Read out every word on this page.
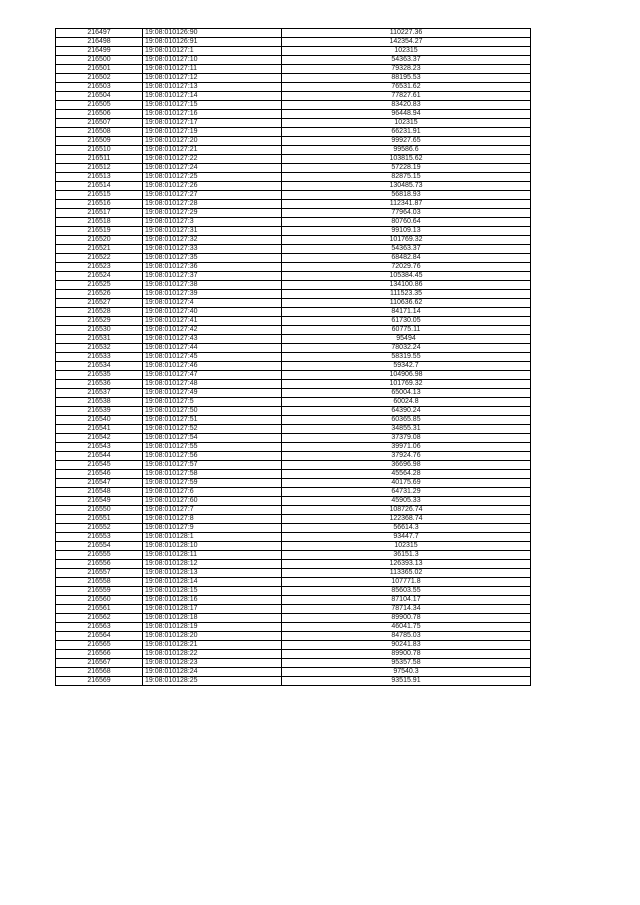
216497	19:08:010126:90	110227.36
216498	19:08:010126:91	142354.27
216499	19:08:010127:1	102315
216500	19:08:010127:10	54363.37
216501	19:08:010127:11	79328.23
216502	19:08:010127:12	88195.53
216503	19:08:010127:13	76531.62
216504	19:08:010127:14	77827.61
216505	19:08:010127:15	83420.83
216506	19:08:010127:16	96448.94
216507	19:08:010127:17	102315
216508	19:08:010127:19	66231.91
216509	19:08:010127:20	99927.65
216510	19:08:010127:21	99586.6
216511	19:08:010127:22	103815.62
216512	19:08:010127:24	57228.19
216513	19:08:010127:25	82875.15
216514	19:08:010127:26	130485.73
216515	19:08:010127:27	56818.93
216516	19:08:010127:28	112341.87
216517	19:08:010127:29	77964.03
216518	19:08:010127:3	80760.64
216519	19:08:010127:31	99109.13
216520	19:08:010127:32	101769.32
216521	19:08:010127:33	54363.37
216522	19:08:010127:35	68482.84
216523	19:08:010127:36	72029.76
216524	19:08:010127:37	105384.45
216525	19:08:010127:38	134100.86
216526	19:08:010127:39	111523.35
216527	19:08:010127:4	110636.62
216528	19:08:010127:40	84171.14
216529	19:08:010127:41	61730.05
216530	19:08:010127:42	60775.11
216531	19:08:010127:43	95494
216532	19:08:010127:44	78032.24
216533	19:08:010127:45	58319.55
216534	19:08:010127:46	59342.7
216535	19:08:010127:47	104906.98
216536	19:08:010127:48	101769.32
216537	19:08:010127:49	65004.13
216538	19:08:010127:5	60024.8
216539	19:08:010127:50	64390.24
216540	19:08:010127:51	60365.85
216541	19:08:010127:52	34855.31
216542	19:08:010127:54	37379.08
216543	19:08:010127:55	39971.06
216544	19:08:010127:56	37924.76
216545	19:08:010127:57	36696.98
216546	19:08:010127:58	45564.28
216547	19:08:010127:59	40175.69
216548	19:08:010127:6	64731.29
216549	19:08:010127:60	45905.33
216550	19:08:010127:7	108726.74
216551	19:08:010127:8	122368.74
216552	19:08:010127:9	56614.3
216553	19:08:010128:1	93447.7
216554	19:08:010128:10	102315
216555	19:08:010128:11	36151.3
216556	19:08:010128:12	126393.13
216557	19:08:010128:13	113365.02
216558	19:08:010128:14	107771.8
216559	19:08:010128:15	85603.55
216560	19:08:010128:16	87104.17
216561	19:08:010128:17	78714.34
216562	19:08:010128:18	89900.78
216563	19:08:010128:19	46041.75
216564	19:08:010128:20	84785.03
216565	19:08:010128:21	90241.83
216566	19:08:010128:22	89900.78
216567	19:08:010128:23	95357.58
216568	19:08:010128:24	97540.3
216569	19:08:010128:25	93515.91
